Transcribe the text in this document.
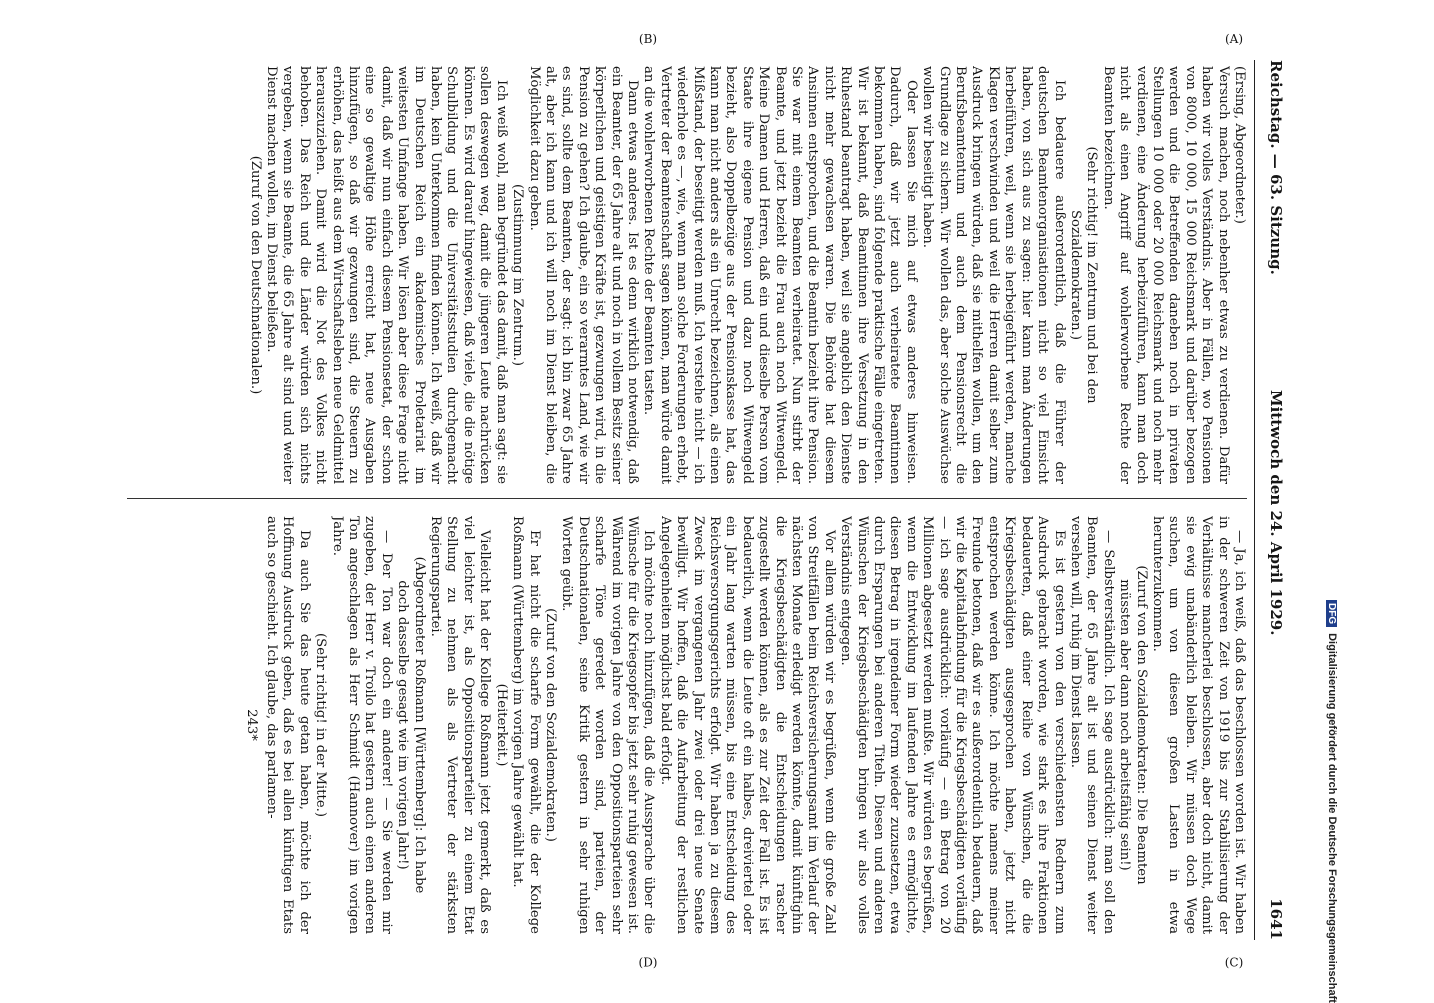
Reichstag. — 63. Sitzung.
Mittwoch den 24. April 1929.
1641

(Ersing, Abgeordneter.)

Versuch machen, noch nebenher etwas zu verdienen. Dafür haben wir volles Verständnis. Aber in Fällen, wo Pensionen von 8000, 10 000, 15 000 Reichsmark und darüber bezogen werden und die Betreffenden daneben noch in privaten Stellungen 10 000 oder 20 000 Reichsmark und noch mehr verdienen, eine Änderung herbeizuführen, kann man doch nicht als einen Angriff auf wohlerworbene Rechte der Beamten bezeichnen.

(Sehr richtig! im Zentrum und bei den Sozialdemokraten.)

Ich bedauere außerordentlich, daß die Führer der deutschen Beamtenorganisationen nicht so viel Einsicht haben, von sich aus zu sagen: hier kann man Änderungen herbeiführen, weil, wenn sie herbeigeführt werden, manche Klagen verschwinden und weil die Herren damit selber zum Ausdruck bringen würden, daß sie mithelfen wollen, um den Berufsbeamtentum und auch dem Pensionsrecht die Grundlage zu sichern. Wir wollen das, aber solche Auswüchse wollen wir beseitigt haben.

Oder lassen Sie mich auf etwas anderes hinweisen. Dadurch, daß wir jetzt auch verheiratete Beamtinnen bekommen haben, sind folgende praktische Fälle eingetreten. Wir ist bekannt, daß Beamtinnen ihre Versetzung in den Ruhestand beantragt haben, weil sie angeblich den Dienste nicht mehr gewachsen waren. Die Behörde hat diesem Ansinnen entsprochen, und die Beamtin bezieht ihre Pension. Sie war mit einem Beamten verheiratet. Nun stirbt der Beamte, und jetzt bezieht die Frau auch noch Witwengeld. Meine Damen und Herren, daß ein und dieselbe Person vom Staate ihre eigene Pension und dazu noch Witwengeld bezieht, also Doppelbezüge aus der Pensionskasse hat, das kann man nicht anders als ein Unrecht bezeichnen, als einen Mißstand, der beseitigt werden muß. Ich verstehe nicht — ich wiederhole es —, wie, wenn man solche Forderungen erhebt, Vertreter der Beamtenschaft sagen können, man würde damit an die wohlerworbenen Rechte der Beamten tasten.

Dann etwas anderes. Ist es denn wirklich notwendig, daß ein Beamter, der 65 Jahre alt und noch in vollem Besitz seiner körperlichen und geistigen Kräfte ist, gezwungen wird, in die Pension zu gehen? Ich glaube, ein so verarmtes Land, wie wir es sind, sollte dem Beamten, der sagt: ich bin zwar 65 Jahre alt, aber ich kann und ich will noch im Dienst bleiben, die Möglichkeit dazu geben.

(Zustimmung im Zentrum.)

Ich weiß wohl, man begründet das damit, daß man sagt: sie sollen deswegen weg, damit die jüngeren Leute nachrücken können. Es wird darauf hingewiesen, daß viele, die die nötige Schulbildung und die Universitätsstudien durchgemacht haben, kein Unterkommen finden können. Ich weiß, daß wir im Deutschen Reich ein akademisches Proletariat im weitesten Umfange haben. Wir lösen aber diese Frage nicht damit, daß wir nun einfach diesem Pensionsetat, der schon eine so gewaltige Höhe erreicht hat, neue Ausgaben hinzufügen, so daß wir gezwungen sind, die Steuern zu erhöhen, das heißt aus dem Wirtschaftsleben neue Geldmittel herauszuziehen. Damit wird die Not des Volkes nicht behoben. Das Reich und die Länder würden sich nichts vergeben, wenn sie Beamte, die 65 Jahre alt sind und weiter Dienst machen wollen, im Dienst beließen.

(Zuruf von den Deutschnationalen.)

— Ja, ich weiß, daß das beschlossen worden ist. Wir haben in der schweren Zeit von 1919 bis zur Stabilisierung der Verhältnisse mancherlei beschlossen, aber doch nicht, damit sie ewig unabänderlich bleiben. Wir müssen doch Wege suchen, um von diesen großen Lasten in etwa herunterzukommen.

(Zuruf von den Sozialdemokraten: Die Beamten müssten aber dann noch arbeitsfähig sein!)

— Selbstverständlich. Ich sage ausdrücklich: man soll den Beamten, der 65 Jahre alt ist und seinen Dienst weiter versehen will, ruhig im Dienst lassen.

Es ist gestern von den verschiedensten Rednern zum Ausdruck gebracht worden, wie stark es ihre Fraktionen bedauerten, daß einer Reihe von Wünschen, die die Kriegsbeschädigten ausgesprochen haben, jetzt nicht entsprochen werden könne. Ich möchte namens meiner Freunde betonen, daß wir es außerordentlich bedauern, daß wir die Kapitalabfindung für die Kriegsbeschädigten vorläufig — ich sage ausdrücklich: vorläufig — ein Betrag von 20 Millionen abgesetzt werden mußte. Wir würden es begrüßen, wenn die Entwicklung im laufenden Jahre es ermöglichte, diesen Betrag in irgendeiner Form wieder zuzusetzen, etwa durch Ersparungen bei anderen Titeln. Diesen und anderen Wünschen der Kriegsbeschädigten bringen wir also volles Verständnis entgegen.

Vor allem würden wir es begrüßen, wenn die große Zahl von Streitfällen beim Reichsversicherungsamt im Verlauf der nächsten Monate erledigt werden könnte, damit künftighin die Kriegsbeschädigten die Entscheidungen rascher zugestellt werden können, als es zur Zeit der Fall ist. Es ist bedauerlich, wenn die Leute oft ein halbes, dreiviertel oder ein Jahr lang warten müssen, bis eine Entscheidung des Reichsversorgungsgerichts erfolgt. Wir haben ja zu diesem Zweck im vergangenen Jahr zwei oder drei neue Senate bewilligt. Wir hoffen, daß die Aufarbeitung der restlichen Angelegenheiten möglichst bald erfolgt.

Ich möchte noch hinzufügen, daß die Aussprache über die Wünsche für die Kriegsopfer bis jetzt sehr ruhig gewesen ist. Während im vorigen Jahre von den Oppositionsparteien sehr scharfe Töne geredet worden sind, parteien, der Deutschnationalen, seine Kritik gestern in sehr ruhigen Worten geübt.

(Zuruf von den Sozialdemokraten.)

Er hat nicht die scharfe Form gewählt, die der Kollege Roßmann (Württemberg) im vorigen Jahre gewählt hat.

(Heiterkeit.)

Vielleicht hat der Kollege Roßmann jetzt gemerkt, daß es viel leichter ist, als Oppositionsparteiler zu einem Etat Stellung zu nehmen als als Vertreter der stärksten Regierungspartei.

(Abgeordneter Roßmann [Württemberg]: Ich habe doch dasselbe gesagt wie im vorigen Jahr!)

— Der Ton war doch ein anderer! — Sie werden mir zugeben, der Herr v. Troilo hat gestern auch einen anderen Ton angeschlagen als Herr Schmidt (Hannover) im vorigen Jahre.

(Sehr richtig! in der Mitte.)

Da auch Sie das heute getan haben, möchte ich der Hoffnung Ausdruck geben, daß es bei allen künftigen Etats auch so geschieht. Ich glaube, das parlamen-

243*

(A)
(B)
(C)
(D)
DFGDigitalisierung gefördert durch die Deutsche Forschungsgemeinschaft
